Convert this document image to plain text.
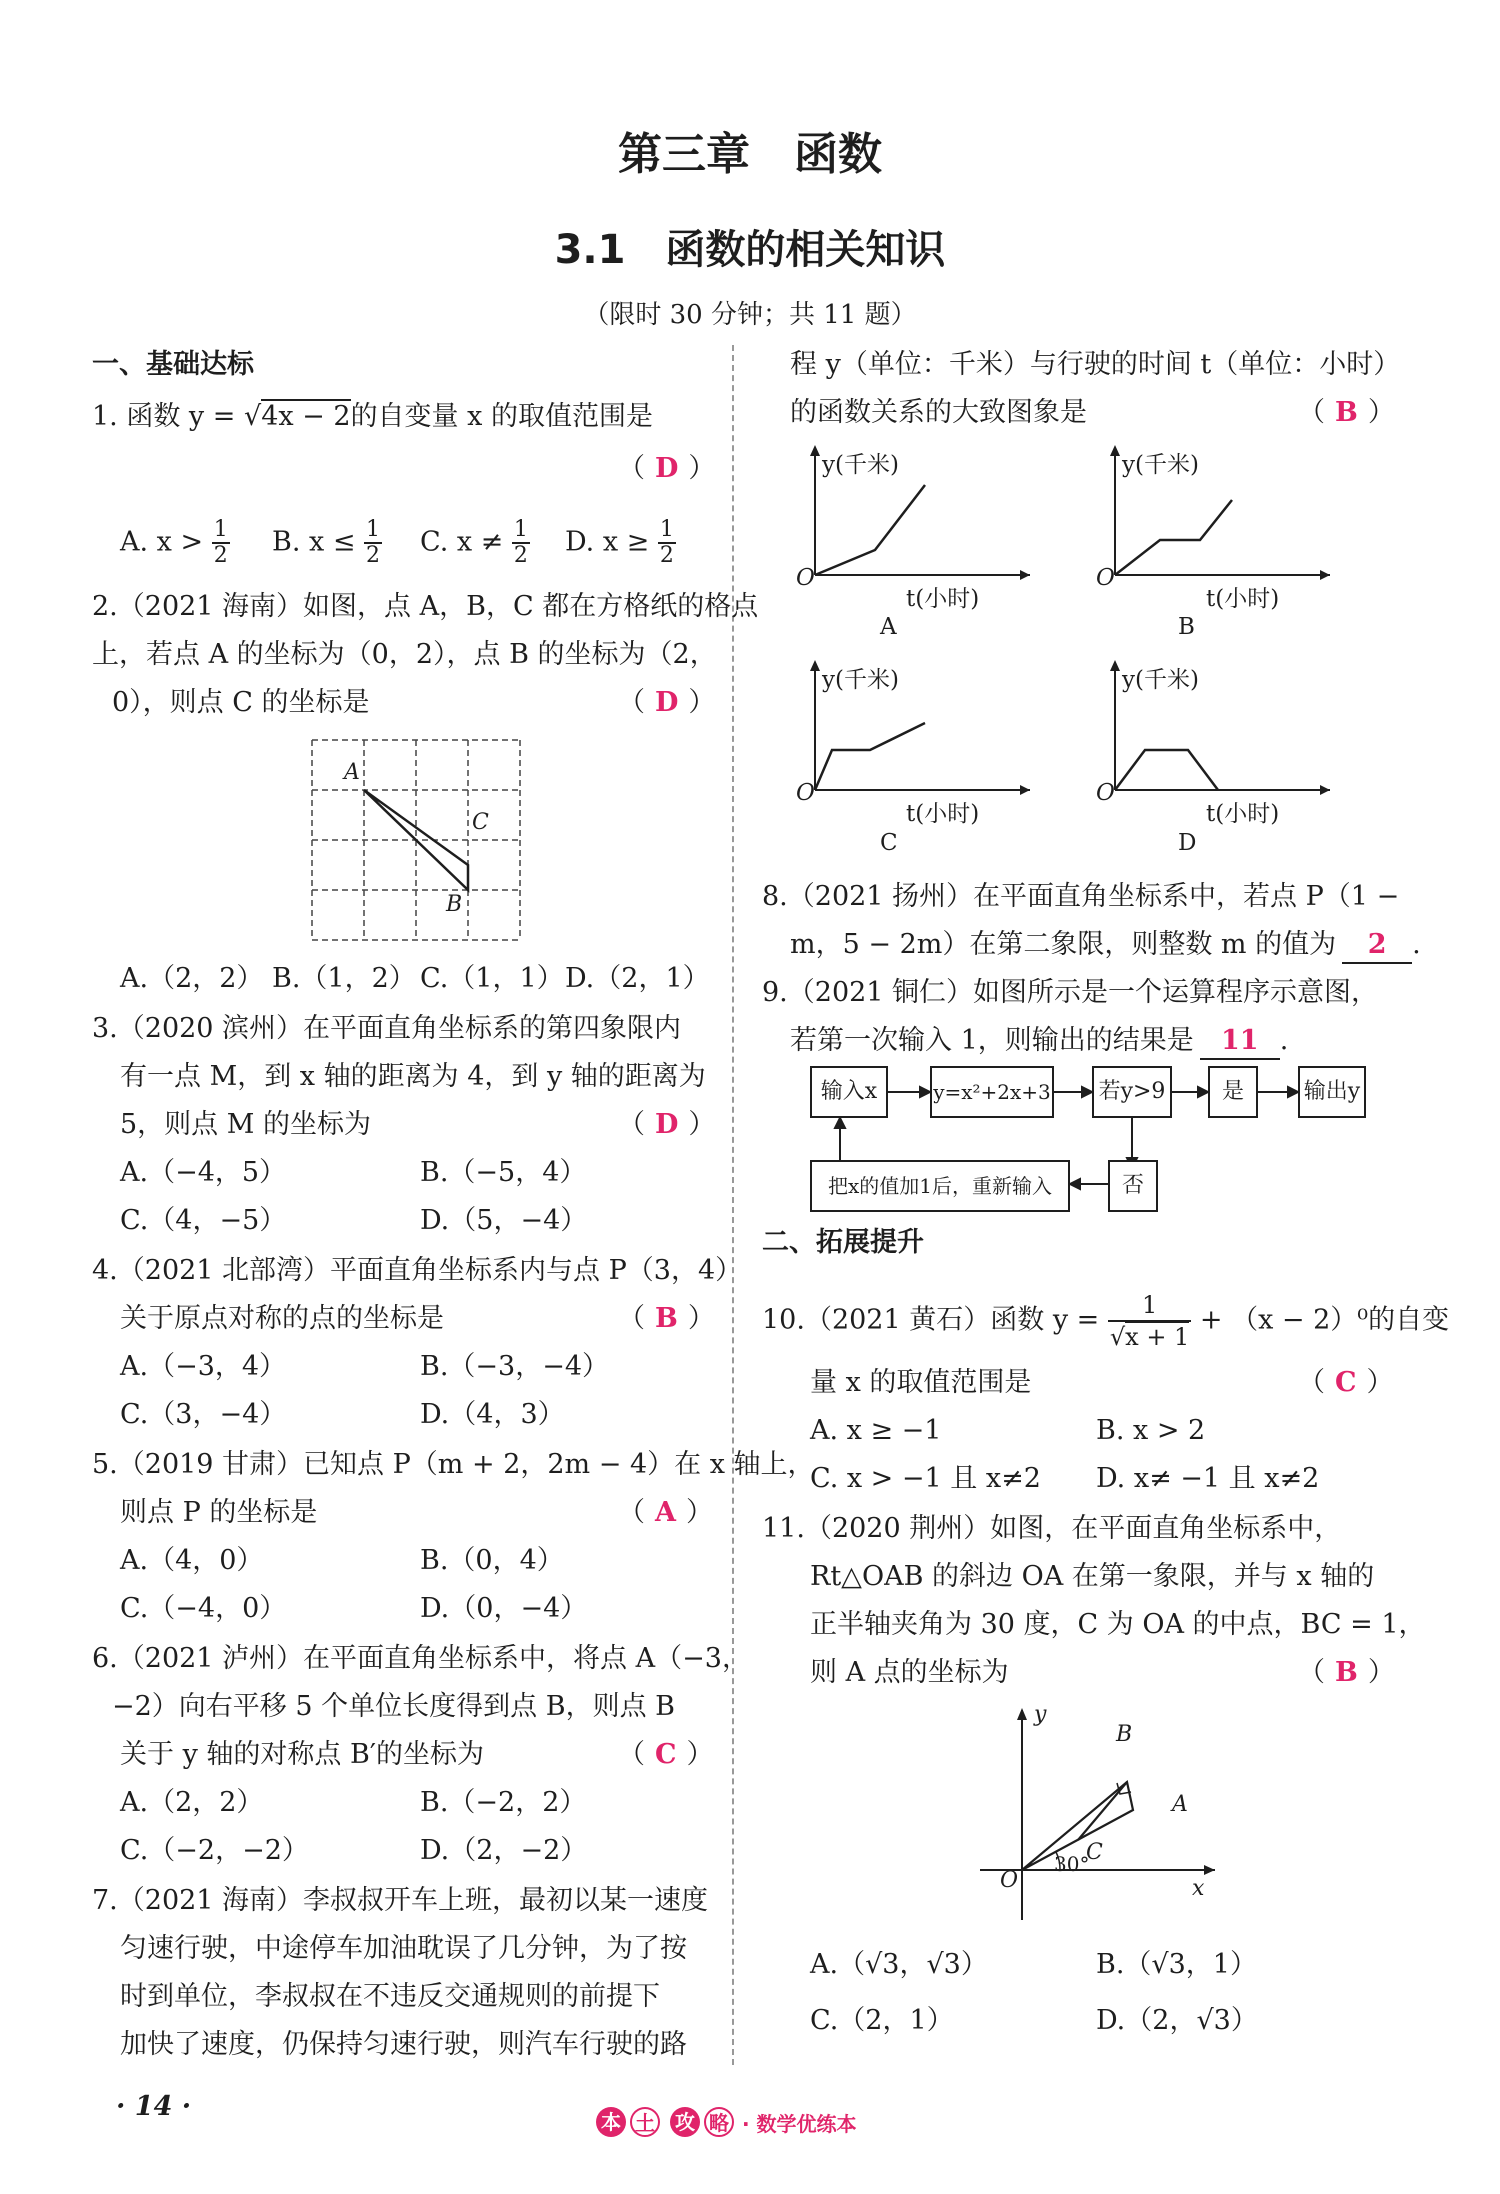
第三章　函数
3.1　函数的相关知识
（限时 30 分钟；共 11 题）
一、基础达标
1. 函数 y = √4x − 2的自变量 x 的取值范围是
（ D ）
A. $x > \frac{1}{2} B$. $x \le \frac{1}{2} C$. $x \ne \frac{1}{2} D$. $x \ge \frac{1}{2}$
2.（2021 海南）如图，点 A，B，C 都在方格纸的格点
上，若点 A 的坐标为（0，2），点 B 的坐标为（2，
0），则点 C 的坐标是	（ D ）
A
C
B
A.（2，2） B.（1，2） C.（1，1） D.（2，1）
3.（2020 滨州）在平面直角坐标系的第四象限内
有一点 M，到 x 轴的距离为 4，到 y 轴的距离为
5，则点 M 的坐标为	（ D ）
A.（−4，5）	B.（−5，4）
C.（4，−5）	D.（5，−4）
4.（2021 北部湾）平面直角坐标系内与点 P（3，4）
关于原点对称的点的坐标是	（ B ）
A.（−3，4）	B.（−3，−4）
C.（3，−4）	D.（4，3）
5.（2019 甘肃）已知点 P（m + 2，2m − 4）在 x 轴上，
则点 P 的坐标是	（ A ）
A.（4，0）	B.（0，4）
C.（−4，0）	D.（0，−4）
6.（2021 泸州）在平面直角坐标系中，将点 A（−3，
−2）向右平移 5 个单位长度得到点 B，则点 B
关于 y 轴的对称点 B′的坐标为	（ C ）
A.（2，2）	B.（−2，2）
C.（−2，−2）	D.（2，−2）
7.（2021 海南）李叔叔开车上班，最初以某一速度
匀速行驶，中途停车加油耽误了几分钟，为了按
时到单位，李叔叔在不违反交通规则的前提下
加快了速度，仍保持匀速行驶，则汽车行驶的路
程 y（单位：千米）与行驶的时间 t（单位：小时）
的函数关系的大致图象是	（ B ）
y(千米)
O
t(小时)
A
y(千米)
O
t(小时)
B
y(千米)
O
t(小时)
C
y(千米)
O
t(小时)
D
8.（2021 扬州）在平面直角坐标系中，若点 P（1 −
m，5 − 2m）在第二象限，则整数 m 的值为 2 .
9.（2021 铜仁）如图所示是一个运算程序示意图，
若第一次输入 1，则输出的结果是 11 .
输入x	y=x²+2x+3 若y>9	是	输出y
把x的值加1后，重新输入	否
二、拓展提升
10.（2021 黄石）函数 $y = \frac{1}{√x + 1} + (x - 2)^0$的自变
量 x 的取值范围是	（ C ）
A. x ≥ −1	B. x > 2
C. x > −1 且 x≠2 D. x≠ −1 且 x≠2
11.（2020 荆州）如图，在平面直角坐标系中，
Rt△OAB 的斜边 OA 在第一象限，并与 x 轴的
正半轴夹角为 30 度，C 为 OA 的中点，BC = 1，
则 A 点的坐标为	（ B ）
y
B
A
C
30°
O	x
A.（√3，√3）	B.（√3，1）
C.（2，1）	D.（2，√3）
· 14 ·	本 土 攻 略 · 数学优练本
